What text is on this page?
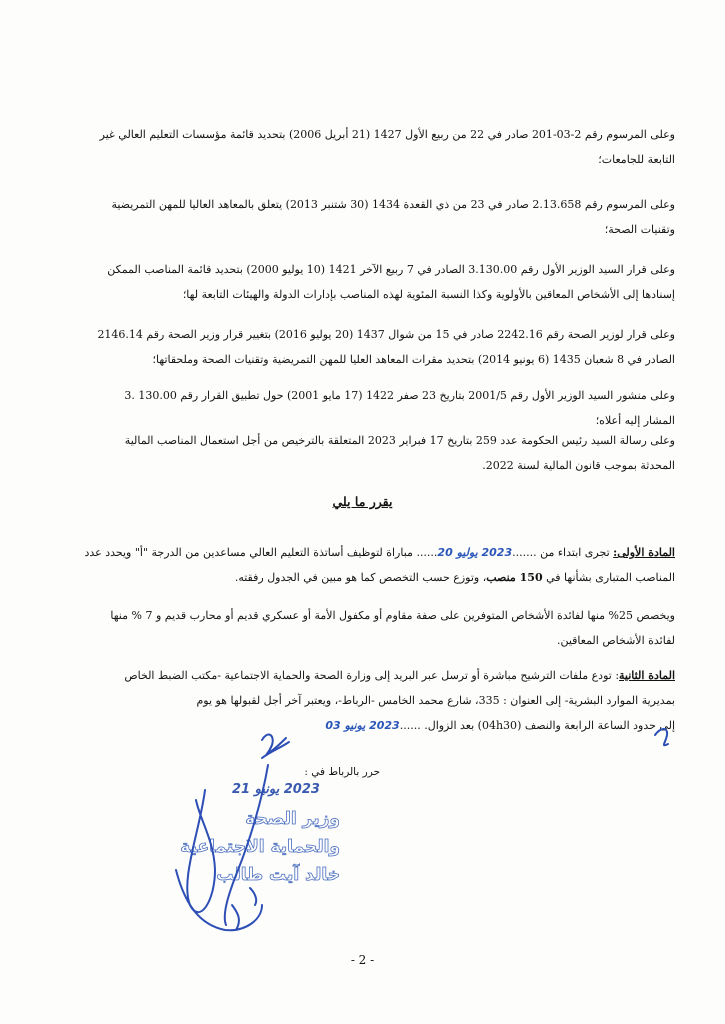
وعلى المرسوم رقم 2-03-201 صادر في 22 من ربيع الأول 1427 (21 أبريل 2006) بتحديد قائمة مؤسسات التعليم العالي غير
التابعة للجامعات؛
وعلى المرسوم رقم 2.13.658 صادر في 23 من ذي القعدة 1434 (30 شتنبر 2013) يتعلق بالمعاهد العاليا للمهن التمريضية
وتقنيات الصحة؛
وعلى قرار السيد الوزير الأول رقم 3.130.00 الصادر في 7 ربيع الآخر 1421 (10 يوليو 2000) بتحديد قائمة المناصب الممكن
إسنادها إلى الأشخاص المعاقين بالأولوية وكذا النسبة المئوية لهذه المناصب بإدارات الدولة والهيئات التابعة لها؛
وعلى قرار لوزير الصحة رقم 2242.16 صادر في 15 من شوال 1437 (20 يوليو 2016) بتغيير قرار وزير الصحة رقم 2146.14
الصادر في 8 شعبان 1435 (6 يونيو 2014) بتحديد مقرات المعاهد العليا للمهن التمريضية وتقنيات الصحة وملحقاتها؛
وعلى منشور السيد الوزير الأول رقم 2001/5 بتاريخ 23 صفر 1422 (17 مايو 2001) حول تطبيق القرار رقم 130.00 .3
المشار إليه أعلاه؛
وعلى رسالة السيد رئيس الحكومة عدد 259 بتاريخ 17 فبراير 2023 المتعلقة بالترخيص من أجل استعمال المناصب المالية
المحدثة بموجب قانون المالية لسنة 2022.
يقرر ما يلي
المادة الأولى: تجرى ابتداء من .......2023 يوليو 20...... مباراة لتوظيف أساتذة التعليم العالي مساعدين من الدرجة "أ" ويحدد عدد
المناصب المتبارى بشأنها في 150 منصب، وتوزع حسب التخصص كما هو مبين في الجدول رفقته.
ويخصص 25% منها لفائدة الأشخاص المتوفرين على صفة مقاوم أو مكفول الأمة أو عسكري قديم أو محارب قديم و 7 % منها
لفائدة الأشخاص المعاقين.
المادة الثانية: تودع ملفات الترشيح مباشرة أو ترسل عبر البريد إلى وزارة الصحة والحماية الاجتماعية -مكتب الضبط الخاص
بمديرية الموارد البشرية- إلى العنوان : 335، شارع محمد الخامس -الرباط-، ويعتبر آخر أجل لقبولها هو يوم
إلى حدود الساعة الرابعة والنصف (04h30) بعد الزوال. ......2023 يونيو 03
حرر بالرباط في :
2023 يونيو 21
وزير الصحة
والحماية الاجتماعية
خالد آيت طالب
- 2 -
